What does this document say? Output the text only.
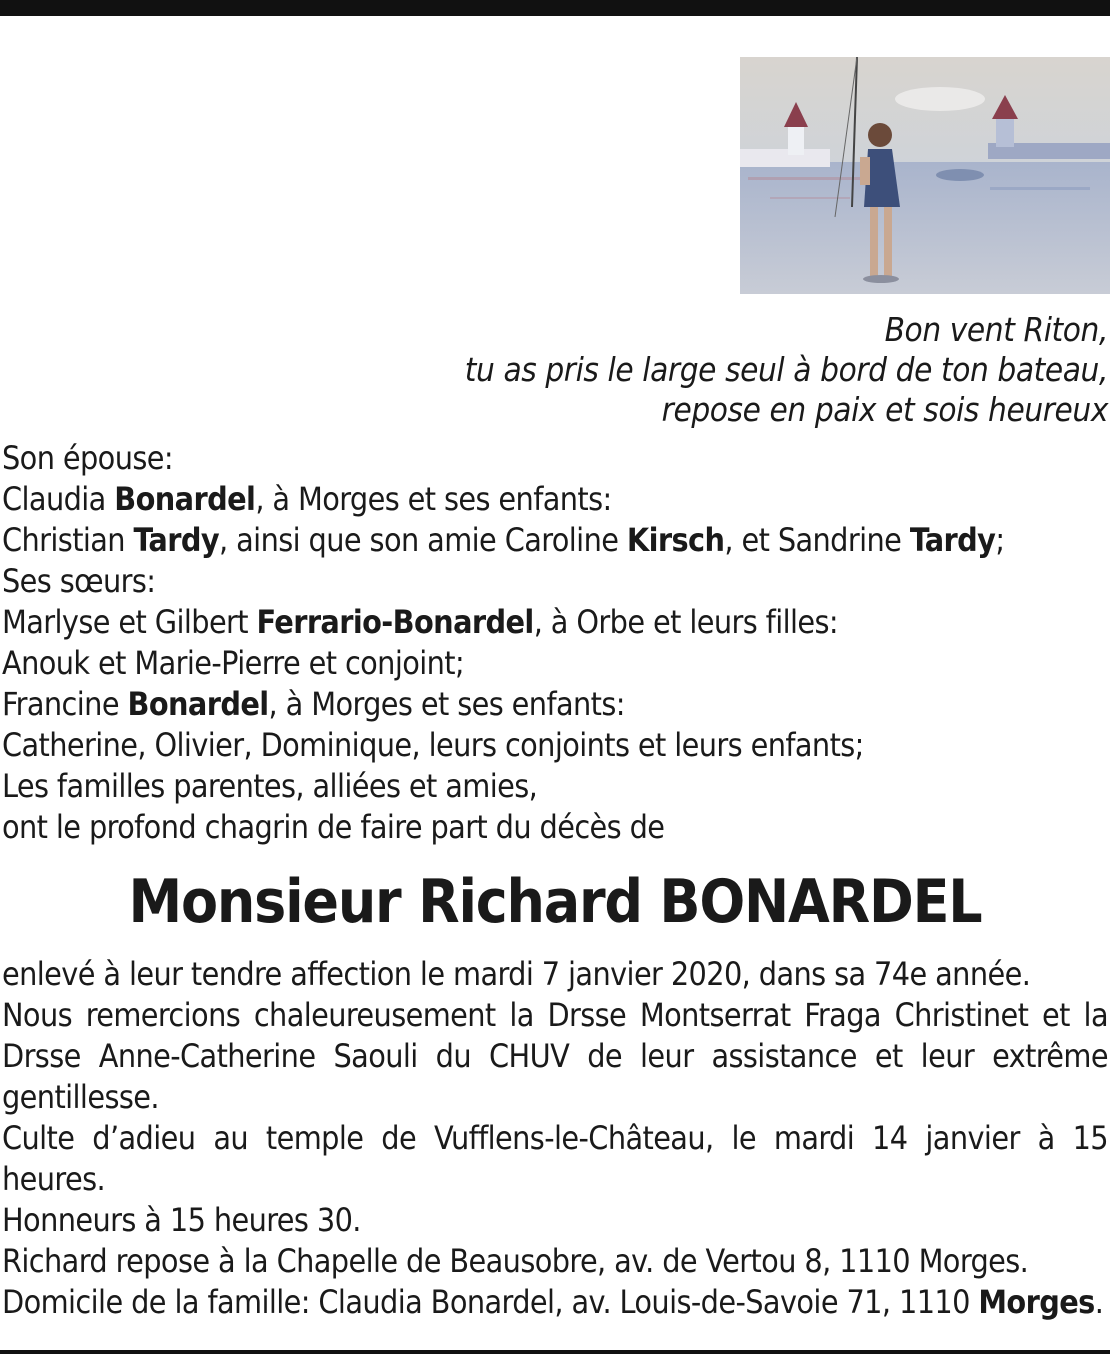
Bon vent Riton,
tu as pris le large seul à bord de ton bateau,
repose en paix et sois heureux
Son épouse:
Claudia Bonardel, à Morges et ses enfants:
Christian Tardy, ainsi que son amie Caroline Kirsch, et Sandrine Tardy;
Ses sœurs:
Marlyse et Gilbert Ferrario-Bonardel, à Orbe et leurs filles:
Anouk et Marie-Pierre et conjoint;
Francine Bonardel, à Morges et ses enfants:
Catherine, Olivier, Dominique, leurs conjoints et leurs enfants;
Les familles parentes, alliées et amies,
ont le profond chagrin de faire part du décès de
Monsieur Richard BONARDEL
enlevé à leur tendre affection le mardi 7 janvier 2020, dans sa 74e année.
Nous remercions chaleureusement la Drsse Montserrat Fraga Christinet et la Drsse Anne-Catherine Saouli du CHUV de leur assistance et leur extrême gentillesse.
Culte d’adieu au temple de Vufflens-le-Château, le mardi 14 janvier à 15 heures.
Honneurs à 15 heures 30.
Richard repose à la Chapelle de Beausobre, av. de Vertou 8, 1110 Morges.
Domicile de la famille: Claudia Bonardel, av. Louis-de-Savoie 71, 1110 Morges.
